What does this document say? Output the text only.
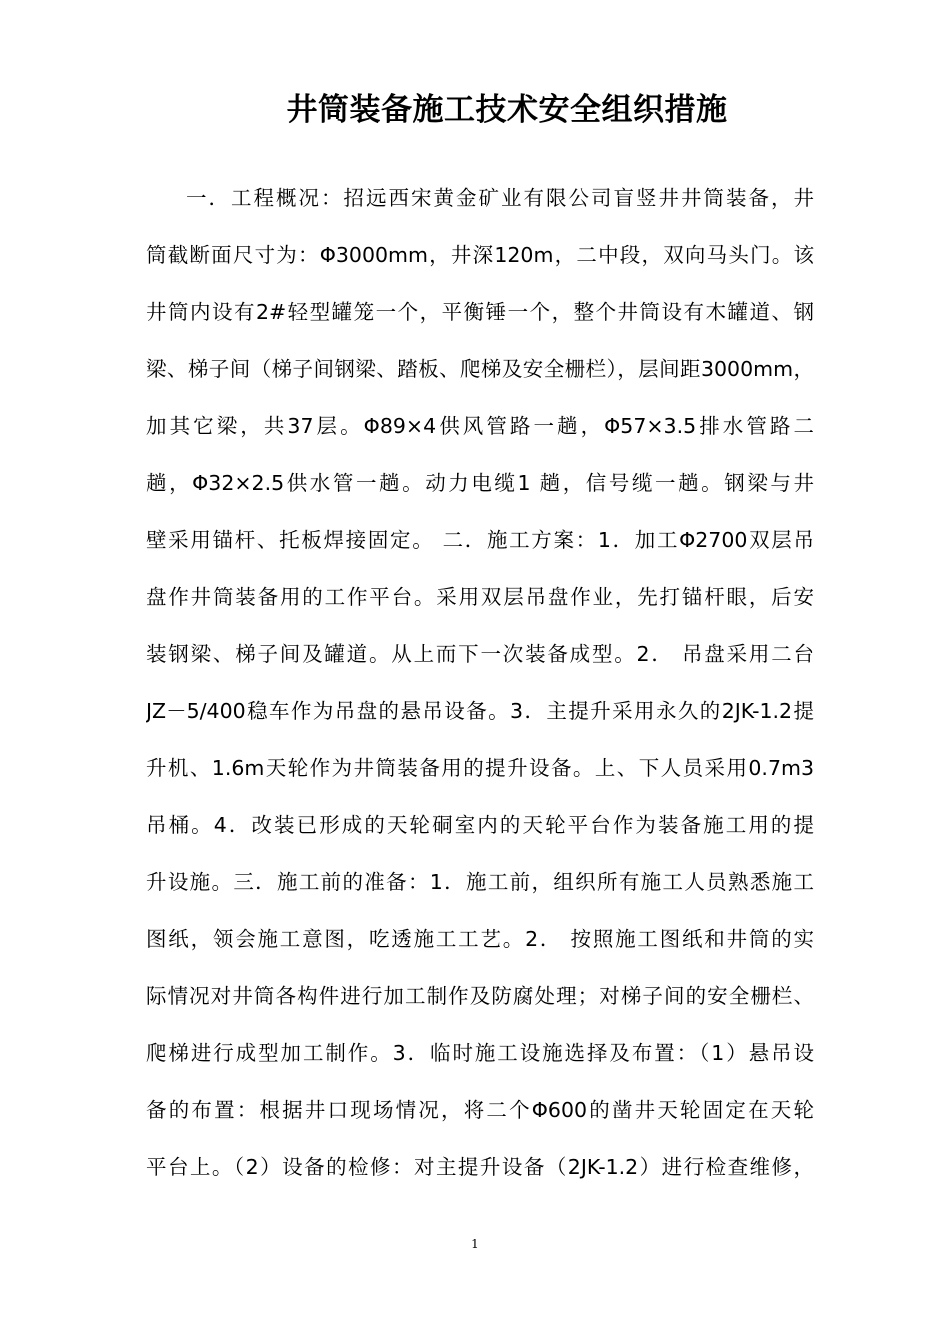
井筒装备施工技术安全组织措施
一．工程概况：招远西宋黄金矿业有限公司盲竖井井筒装备，井
筒截断面尺寸为：Φ3000mm，井深120m，二中段，双向马头门。该
井筒内设有2#轻型罐笼一个，平衡锤一个，整个井筒设有木罐道、钢
梁、梯子间（梯子间钢梁、踏板、爬梯及安全栅栏），层间距3000mm，
加其它梁，共37层。Φ89×4供风管路一趟，Φ57×3.5排水管路二
趟，Φ32×2.5供水管一趟。动力电缆1 趟，信号缆一趟。钢梁与井
壁采用锚杆、托板焊接固定。 二．施工方案：1．加工Φ2700双层吊
盘作井筒装备用的工作平台。采用双层吊盘作业，先打锚杆眼，后安
装钢梁、梯子间及罐道。从上而下一次装备成型。2． 吊盘采用二台
JZ－5/400稳车作为吊盘的悬吊设备。3．主提升采用永久的2JK-1.2提
升机、1.6m天轮作为井筒装备用的提升设备。上、下人员采用0.7m3
吊桶。4．改装已形成的天轮硐室内的天轮平台作为装备施工用的提
升设施。三．施工前的准备：1．施工前，组织所有施工人员熟悉施工
图纸，领会施工意图，吃透施工工艺。2． 按照施工图纸和井筒的实
际情况对井筒各构件进行加工制作及防腐处理；对梯子间的安全栅栏、
爬梯进行成型加工制作。3．临时施工设施选择及布置：（1）悬吊设
备的布置：根据井口现场情况，将二个Φ600的凿井天轮固定在天轮
平台上。（2）设备的检修：对主提升设备（2JK-1.2）进行检查维修，
1
